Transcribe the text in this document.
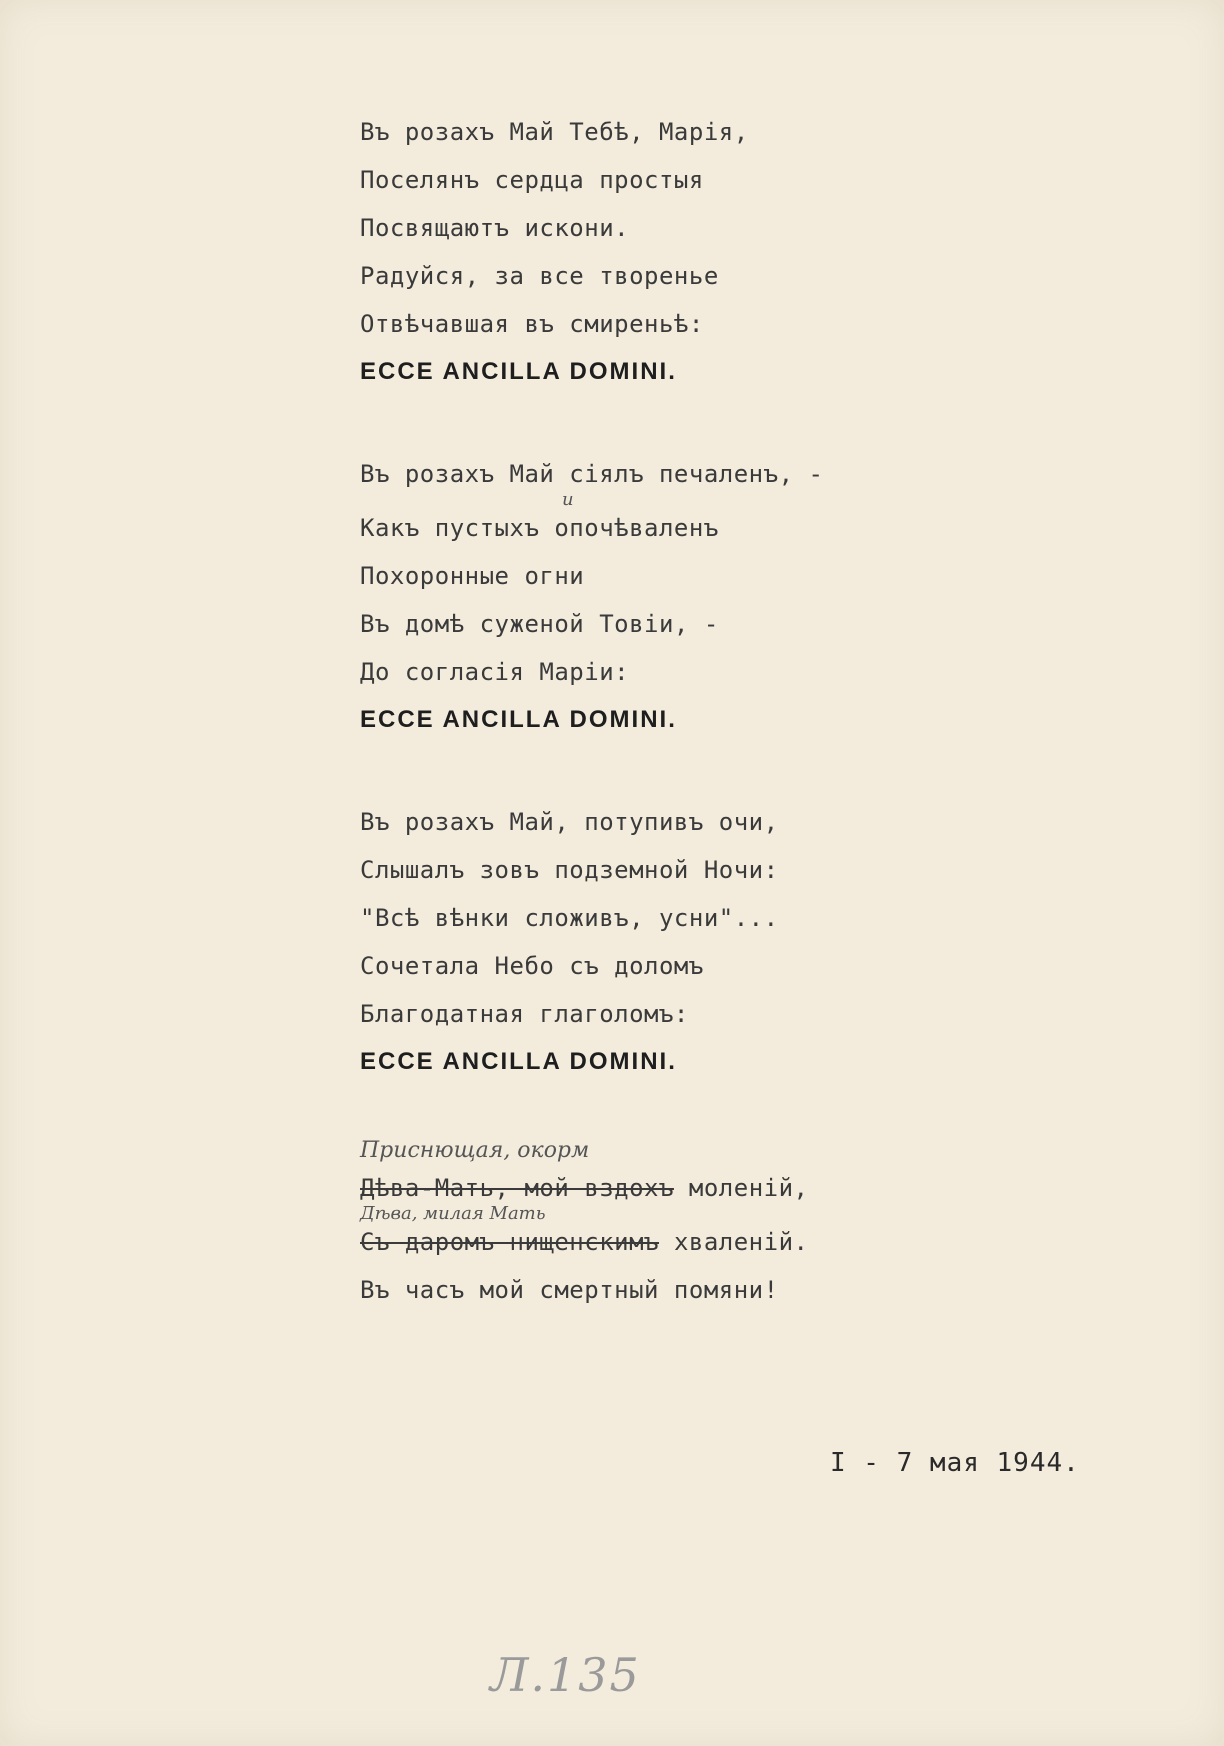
Въ розахъ Май Тебѣ, Марія,
Поселянъ сердца простыя
Посвящаютъ искони.
Радуйся, за все творенье
Отвѣчавшая въ смиреньѣ:
ECCE ANCILLA DOMINI.
Въ розахъ Май сіялъ печаленъ, -
и
Какъ пустыхъ опочѣваленъ
Похоронные огни
Въ домѣ суженой Товіи, -
До согласія Маріи:
ECCE ANCILLA DOMINI.
Въ розахъ Май, потупивъ очи,
Слышалъ зовъ подземной Ночи:
"Всѣ вѣнки сложивъ, усни"...
Сочетала Небо съ доломъ
Благодатная глаголомъ:
ECCE ANCILLA DOMINI.
Приснющая, окорм
Дѣва-Мать, мой вздохъ моленій,
Дѣва, милая Мать
Съ даромъ нищенскимъ хваленій.
Въ часъ мой смертный помяни!
I - 7 мая 1944.
Л.135
